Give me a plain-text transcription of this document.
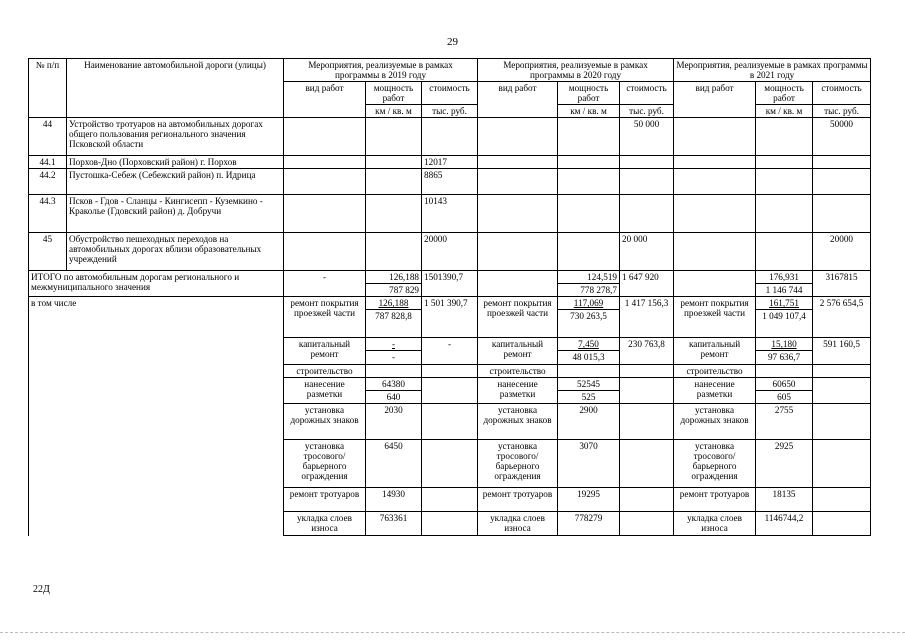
29
№ п/п	Наименование автомобильной дороги (улицы)	Мероприятия, реализуемые в рамках программы в 2019 году			Мероприятия, реализуемые в рамках программы в 2020 году			Мероприятия, реализуемые в рамках программы в 2021 году		
		вид работ	мощность работ	стоимость	вид работ	мощность работ	стоимость	вид работ	мощность работ	стоимость
			км / кв. м	тыс. руб.		км / кв. м	тыс. руб.		км / кв. м	тыс. руб.
44	Устройство тротуаров на автомобильных дорогах общего пользования регионального значения Псковской области						50 000			50000
44.1	Порхов-Дно (Порховский район) г. Порхов			12017						
44.2	Пустошка-Себеж (Себежский район) п. Идрица			8865						
44.3	Псков - Гдов - Сланцы - Кингисепп - Куземкино - Краколье (Гдовский район) д. Добручи			10143						
45	Обустройство пешеходных переходов на автомобильных дорогах вблизи образовательных учреждений			20000			20 000			20000
ИТОГО по автомобильным дорогам регионального и межмуниципального значения		-	126,188	1501390,7		124,519	1 647 920		176,931	3167815
			787 829			778 278,7			1 146 744	
в том числе		ремонт покрытия проезжей части	126,188	1 501 390,7	ремонт покрытия проезжей части	117,069	1 417 156,3	ремонт покрытия проезжей части	161,751	2 576 654,5
			787 828,8			730 263,5			1 049 107,4	
		капитальный ремонт	-	-	капитальный ремонт	7,450	230 763,8	капитальный ремонт	15,180	591 160,5
			-			48 015,3			97 636,7	
		строительство			строительство			строительство		
		нанесение разметки	64380		нанесение разметки	52545		нанесение разметки	60650	
			640			525			605	
		установка дорожных знаков	2030		установка дорожных знаков	2900		установка дорожных знаков	2755	
		установка тросового/ барьерного ограждения	6450		установка тросового/барьерного ограждения	3070		установка тросового/ барьерного ограждения	2925	
		ремонт тротуаров	14930		ремонт тротуаров	19295		ремонт тротуаров	18135	
		укладка слоев износа	763361		укладка слоев износа	778279		укладка слоев износа	1146744,2	
22Д
